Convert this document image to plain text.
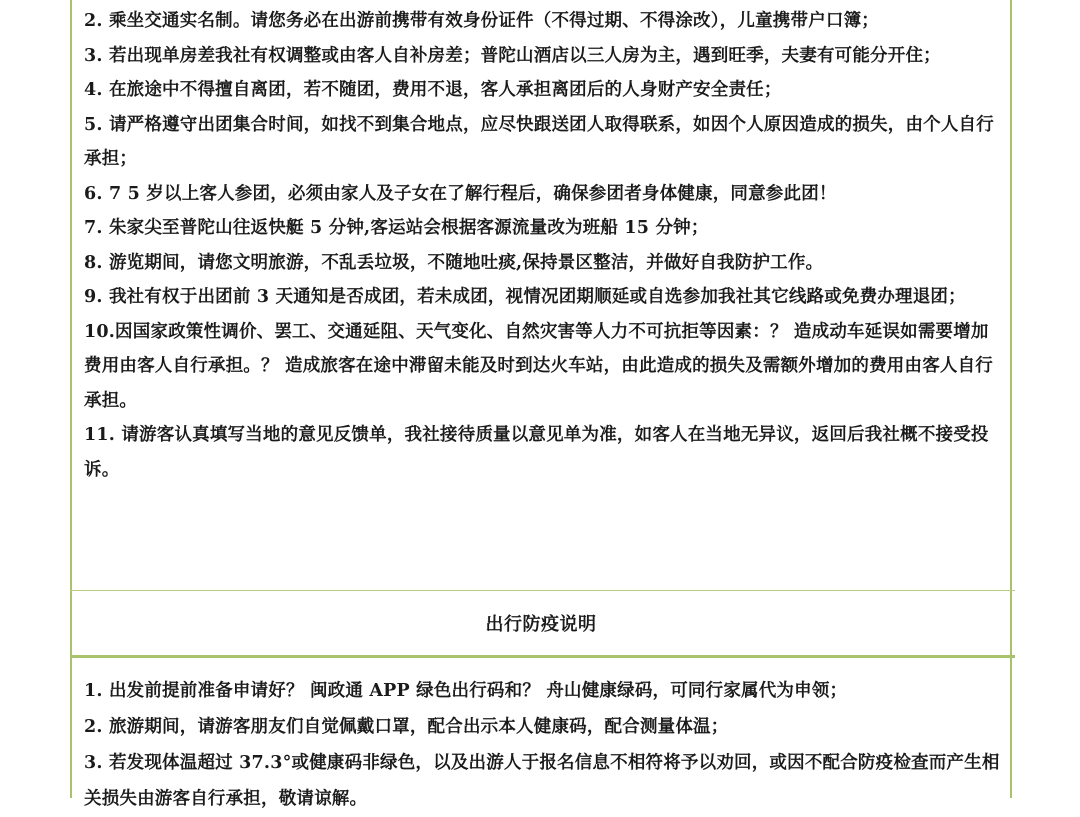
2. 乘坐交通实名制。请您务必在出游前携带有效身份证件（不得过期、不得涂改），儿童携带户口簿；
3. 若出现单房差我社有权调整或由客人自补房差；普陀山酒店以三人房为主，遇到旺季，夫妻有可能分开住；
4. 在旅途中不得擅自离团，若不随团，费用不退，客人承担离团后的人身财产安全责任；
5. 请严格遵守出团集合时间，如找不到集合地点，应尽快跟送团人取得联系，如因个人原因造成的损失，由个人自行承担；
6. 7 5 岁以上客人参团，必须由家人及子女在了解行程后，确保参团者身体健康，同意参此团！
7. 朱家尖至普陀山往返快艇 5 分钟,客运站会根据客源流量改为班船 15 分钟；
8. 游览期间，请您文明旅游，不乱丢垃圾，不随地吐痰,保持景区整洁，并做好自我防护工作。
9. 我社有权于出团前 3 天通知是否成团，若未成团，视情况团期顺延或自选参加我社其它线路或免费办理退团；
10.因国家政策性调价、罢工、交通延阻、天气变化、自然灾害等人力不可抗拒等因素：？ 造成动车延误如需要增加费用由客人自行承担。？ 造成旅客在途中滞留未能及时到达火车站，由此造成的损失及需额外增加的费用由客人自行承担。
11. 请游客认真填写当地的意见反馈单，我社接待质量以意见单为准，如客人在当地无异议，返回后我社概不接受投诉。
出行防疫说明
1. 出发前提前准备申请好？ 闽政通 APP 绿色出行码和？ 舟山健康绿码，可同行家属代为申领；
2. 旅游期间，请游客朋友们自觉佩戴口罩，配合出示本人健康码，配合测量体温；
3. 若发现体温超过 37.3°或健康码非绿色，以及出游人于报名信息不相符将予以劝回，或因不配合防疫检查而产生相关损失由游客自行承担，敬请谅解。
